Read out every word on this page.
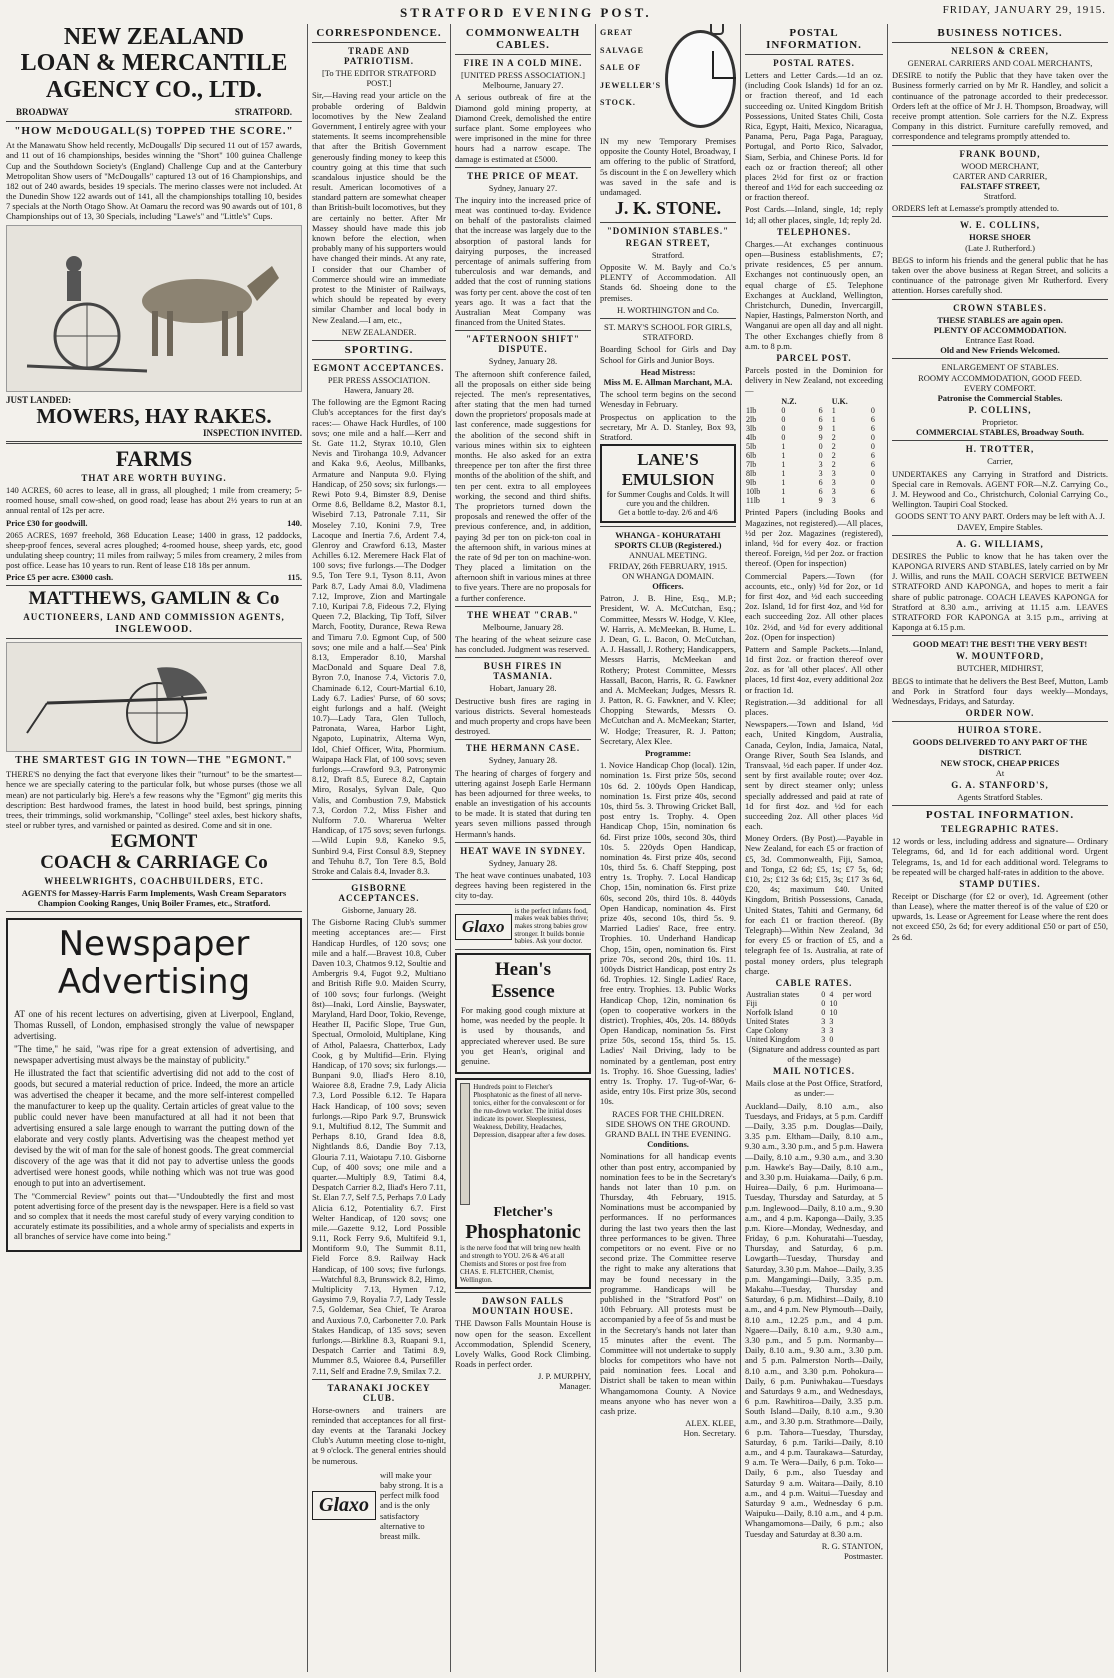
STRATFORD EVENING POST.	FRIDAY, JANUARY 29, 1915.
NEW ZEALAND
LOAN & MERCANTILE
AGENCY CO., LTD.
BROADWAY	STRATFORD.
"HOW McDOUGALL(S) TOPPED THE SCORE."
At the Manawatu Show held recently, McDougalls' Dip secured 11 out of 157 awards, and 11 out of 16 championships, besides winning the "Short" 100 guinea Challenge Cup and the Southdown Society's (England) Challenge Cup and at the Canterbury Metropolitan Show users of "McDougalls" captured 13 out of 16 Championships, and 182 out of 240 awards, besides 19 specials. The merino classes were not included. At the Dunedin Show 122 awards out of 141, all the championships totalling 10, besides 7 specials at the North Otago Show. At Oamaru the record was 90 awards out of 101, 8 Championships out of 13, 30 Specials, including "Lawe's" and "Little's" Cups.
JUST LANDED:
MOWERS, HAY RAKES.
INSPECTION INVITED.
FARMS
THAT ARE WORTH BUYING.
140 ACRES, 60 acres to lease, all in grass, all ploughed; 1 mile from creamery; 5-roomed house, small cow-shed, on good road; lease has about 2½ years to run at an annual rental of 12s per acre.
Price £30 for goodwill.	140.
2065 ACRES, 1697 freehold, 368 Education Lease; 1400 in grass, 12 paddocks, sheep-proof fences, several acres ploughed; 4-roomed house, sheep yards, etc, good undulating sheep country; 11 miles from railway; 5 miles from creamery, 2 miles from post office. Lease has 10 years to run. Rent of lease £18 18s per annum.
Price £5 per acre. £3000 cash.	115.
MATTHEWS, GAMLIN & Co
AUCTIONEERS, LAND AND COMMISSION AGENTS,
INGLEWOOD.
THE SMARTEST GIG IN TOWN—THE "EGMONT."
THERE'S no denying the fact that everyone likes their "turnout" to be the smartest—hence we are specially catering to the particular folk, but whose purses (those we all mean) are not particularly big. Here's a few reasons why the "Egmont" gig merits this description: Best hardwood frames, the latest in hood build, best springs, pinning trees, their trimmings, solid workmanship, "Collinge" steel axles, best hickory shafts, steel or rubber tyres, and varnished or painted as desired. Come and sit in one.
EGMONT
COACH & CARRIAGE Co
WHEELWRIGHTS, COACHBUILDERS, ETC.
AGENTS for Massey-Harris Farm Implements, Wash Cream Separators Champion Cooking Ranges, Uniq Boiler Frames, etc., Stratford.
Newspaper
Advertising
AT one of his recent lectures on advertising, given at Liverpool, England, Thomas Russell, of London, emphasised strongly the value of newspaper advertising.
"The time," he said, "was ripe for a great extension of advertising, and newspaper advertising must always be the mainstay of publicity."
He illustrated the fact that scientific advertising did not add to the cost of goods, but secured a material reduction of price. Indeed, the more an article was advertised the cheaper it became, and the more self-interest compelled the manufacturer to keep up the quality. Certain articles of great value to the public could never have been manufactured at all had it not been that advertising ensured a sale large enough to warrant the putting down of the elaborate and very costly plants. Advertising was the cheapest method yet devised by the wit of man for the sale of honest goods. The great commercial discovery of the age was that it did not pay to advertise unless the goods advertised were honest goods, while nothing which was not true was good enough to put into an advertisement.
The "Commercial Review" points out that—"Undoubtedly the first and most potent advertising force of the present day is the newspaper. Here is a field so vast and so complex that it needs the most careful study of every varying condition to accurately estimate its possibilities, and a whole army of specialists and experts in all branches of service have come into being."
CORRESPONDENCE.
TRADE AND PATRIOTISM.
[To THE EDITOR STRATFORD POST.]
Sir,—Having read your article on the probable ordering of Baldwin locomotives by the New Zealand Government, I entirely agree with your statements. It seems incomprehensible that after the British Government generously finding money to keep this country going at this time that such scandalous injustice should be the result. American locomotives of a standard pattern are somewhat cheaper than British-built locomotives, but they are certainly no better. After Mr Massey should have made this job known before the election, when probably many of his supporters would have changed their minds. At any rate, I consider that our Chamber of Commerce should wire an immediate protest to the Minister of Railways, which should be repeated by every similar Chamber and local body in New Zealand.—I am, etc.,
NEW ZEALANDER.
SPORTING.
EGMONT ACCEPTANCES.
PER PRESS ASSOCIATION.
Hawera, January 28.
The following are the Egmont Racing Club's acceptances for the first day's races:— Ohawe Hack Hurdles, of 100 sovs; one mile and a half.—Kerr and St. Gate 11.2, Styrax 10.10, Glen Nevis and Tirohanga 10.9, Advancer and Kaka 9.6, Aeolus, Millbanks, Armature and Nanputa 9.0. Flying Handicap, of 250 sovs; six furlongs.—Rewi Poto 9.4, Bimster 8.9, Denise Orme 8.6, Belldame 8.2, Mastor 8.1, Wisebird 7.13, Patronale 7.11, Sir Moseley 7.10, Konini 7.9, Tree Lacoque and Inertia 7.6, Ardent 7.4, Glenroy and Crawford 6.13, Master Achilles 6.12. Meremere Hack Flat of 100 sovs; five furlongs.—The Dodger 9.5, Ton Tere 9.1, Tyson 8.11, Avon Park 8.7, Lady Amai 8.0, Vladimena 7.12, Improve, Zion and Martingale 7.10, Kuripai 7.8, Fideous 7.2, Flying Queen 7.2, Blacking, Tip Toff, Silver March, Footity, Durance, Rewa Rewa and Timaru 7.0. Egmont Cup, of 500 sovs; one mile and a half.—Sea' Pink 8.13, Emperador 8.10, Marshal MacDonald and Square Deal 7.8, Byron 7.0, Inanose 7.4, Victoris 7.0, Chaminade 6.12, Court-Martial 6.10, Lady 6.7. Ladies' Purse, of 60 sovs; eight furlongs and a half. (Weight 10.7)—Lady Tara, Glen Tulloch, Patronata, Warea, Harbor Light, Ngapoto, Lupinatrix, Alterna Wyn, Idol, Chief Officer, Wita, Phormium. Waipapa Hack Flat, of 100 sovs; seven furlongs.—Crawford 9.3, Patronymic 8.12, Draft 8.5, Eurece 8.2, Captain Miro, Rosalys, Sylvan Dale, Quo Valis, and Combustion 7.9, Mabstick 7.3, Cordon 7.2, Miss Fisher and Nulform 7.0. Wharerua Welter Handicap, of 175 sovs; seven furlongs.—Wild Lupin 9.8, Kaneko 9.5, Sunbird 9.4, First Consul 8.9, Stepney and Tehuhu 8.7, Ton Tere 8.5, Bold Stroke and Calais 8.4, Invader 8.3.
GISBORNE ACCEPTANCES.
Gisborne, January 28.
The Gisborne Racing Club's summer meeting acceptances are:— First Handicap Hurdles, of 120 sovs; one mile and a half.—Bravest 10.8, Cuber Daven 10.3, Chatmos 9.12, Soultie and Ambergris 9.4, Fugot 9.2, Multiano and British Rifle 9.0. Maiden Scurry, of 100 sovs; four furlongs. (Weight 8st)—Inaki, Lord Ainslie, Bayswater, Maryland, Hard Door, Tokio, Revenge, Heather II, Pacific Slope, True Gun, Spectual, Ormoloid, Multiplane, King of Athol, Palaesra, Chatterbox, Lady Cook, g by Multifid—Erin. Flying Handicap, of 170 sovs; six furlongs.—Bunpani 9.0, Iliad's Hero 8.10, Waioree 8.8, Eradne 7.9, Lady Alicia 7.3, Lord Possible 6.12. Te Hapara Hack Handicap, of 100 sovs; seven furlongs.—Ripo Park 9.7, Brunswick 9.1, Multifiud 8.12, The Summit and Perhaps 8.10, Grand Idea 8.8, Nightlands 8.6, Dandie Boy 7.13, Glouria 7.11, Waiotapu 7.10. Gisborne Cup, of 400 sovs; one mile and a quarter.—Multiply 8.9, Tatimi 8.4, Despatch Carrier 8.2, Iliad's Hero 7.11, St. Elan 7.7, Self 7.5, Perhaps 7.0 Lady Alicia 6.12, Potentiality 6.7. First Welter Handicap, of 120 sovs; one mile.—Gazette 9.12, Lord Possible 9.11, Rock Ferry 9.6, Multifeid 9.1, Montiform 9.0, The Summit 8.11, Field Force 8.9. Railway Hack Handicap, of 100 sovs; five furlongs.—Watchful 8.3, Brunswick 8.2, Himo, Multiplicity 7.13, Hymen 7.12, Gaysimo 7.9, Royalia 7.7, Lady Tessle 7.5, Goldemar, Sea Chief, Te Araroa and Auxious 7.0, Carbonetter 7.0. Park Stakes Handicap, of 135 sovs; seven furlongs.—Birkline 8.3, Ruapani 9.1, Despatch Carrier and Tatimi 8.9, Mummer 8.5, Waioree 8.4, Pursefiller 7.11, Self and Eradne 7.9, Smilax 7.2.
TARANAKI JOCKEY CLUB.
Horse-owners and trainers are reminded that acceptances for all first-day events at the Taranaki Jockey Club's Autumn meeting close to-night, at 9 o'clock. The general entries should be numerous.
Glaxo
will make your baby strong. It is a perfect milk food and is the only satisfactory alternative to breast milk.
COMMONWEALTH CABLES.
FIRE IN A COLD MINE.
[UNITED PRESS ASSOCIATION.]
Melbourne, January 27.
A serious outbreak of fire at the Diamond gold mining property, at Diamond Creek, demolished the entire surface plant. Some employees who were imprisoned in the mine for three hours had a narrow escape. The damage is estimated at £5000.
THE PRICE OF MEAT.
Sydney, January 27.
The inquiry into the increased price of meat was continued to-day. Evidence on behalf of the pastoralists claimed that the increase was largely due to the absorption of pastoral lands for dairying purposes, the increased percentage of animals suffering from tuberculosis and war demands, and added that the cost of running stations was forty per cent. above the cost of ten years ago. It was a fact that the Australian Meat Company was financed from the United States.
"AFTERNOON SHIFT" DISPUTE.
Sydney, January 28.
The afternoon shift conference failed, all the proposals on either side being rejected. The men's representatives, after stating that the men had turned down the proprietors' proposals made at last conference, made suggestions for the abolition of the second shift in various mines within six to eighteen months. He also asked for an extra threepence per ton after the first three months of the abolition of the shift, and ten per cent. extra to all employees working, the second and third shifts. The proprietors turned down the proposals and renewed the offer of the previous conference, and, in addition, paying 3d per ton on pick-ton coal in the afternoon shift, in various mines at the rate of 9d per ton on machine-won. They placed a limitation on the afternoon shift in various mines at three to five years. There are no proposals for a further conference.
THE WHEAT "CRAB."
Melbourne, January 28.
The hearing of the wheat seizure case has concluded. Judgment was reserved.
BUSH FIRES IN TASMANIA.
Hobart, January 28.
Destructive bush fires are raging in various districts. Several homesteads and much property and crops have been destroyed.
THE HERMANN CASE.
Sydney, January 28.
The hearing of charges of forgery and uttering against Joseph Earle Hermann has been adjourned for three weeks, to enable an investigation of his accounts to be made. It is stated that during ten years seven millions passed through Hermann's hands.
HEAT WAVE IN SYDNEY.
Sydney, January 28.
The heat wave continues unabated, 103 degrees having been registered in the city to-day.
Glaxo
is the perfect infants food, makes weak babies thrive; makes strong babies grow stronger. It builds bonnie babies. Ask your doctor.
Hean's Essence
For making good cough mixture at home, was needed by the people. It is used by thousands, and appreciated wherever used. Be sure you get Hean's, original and genuine.
Hundreds point to Fletcher's Phosphatonic as the finest of all nerve-tonics, either for the convalescent or for the run-down worker. The initial doses indicate its power. Sleeplessness, Weakness, Debility, Headaches, Depression, disappear after a few doses.
Fletcher's
Phosphatonic
is the nerve food that will bring new health and strength to YOU. 2/6 & 4/6 at all Chemists and Stores or post free from CHAS. E. FLETCHER, Chemist, Wellington.
DAWSON FALLS MOUNTAIN HOUSE.
THE Dawson Falls Mountain House is now open for the season. Excellent Accommodation, Splendid Scenery, Lovely Walks, Good Rock Climbing. Roads in perfect order.
J. P. MURPHY,
Manager.
GREAT
SALVAGE
SALE OF
JEWELLER'S
STOCK.
IN my new Temporary Premises opposite the County Hotel, Broadway, I am offering to the public of Stratford, 5s discount in the £ on Jewellery which was saved in the safe and is undamaged.
J. K. STONE.
"DOMINION STABLES."
REGAN STREET,
Stratford.
Opposite W. M. Bayly and Co.'s PLENTY of Accommodation. All Stands 6d. Shoeing done to the premises.
H. WORTHINGTON and Co.
ST. MARY'S SCHOOL FOR GIRLS, STRATFORD.
Boarding School for Girls and Day School for Girls and Junior Boys.
Head Mistress:
Miss M. E. Allman Marchant, M.A.
The school term begins on the second Wenesday in February.
Prospectus on application to the secretary, Mr A. D. Stanley, Box 93, Stratford.
LANE'S EMULSION
for Summer Coughs and Colds. It will cure you and the children.
Get a bottle to-day. 2/6 and 4/6
WHANGA - KOHURATAHI SPORTS CLUB (Registered.)
ANNUAL MEETING.
FRIDAY, 26th FEBRUARY, 1915.
ON WHANGA DOMAIN.
Officers.
Patron, J. B. Hine, Esq., M.P.; President, W. A. McCutchan, Esq.; Committee, Messrs W. Hodge, V. Klee, W. Harris, A. McMeekan, B. Hume, L. J. Dean, G. L. Bacon, O. McCutchan, A. J. Hassall, J. Rothery; Handicappers, Messrs Harris, McMeekan and Rothery; Protest Committee, Messrs Hassall, Bacon, Harris, R. G. Fawkner and A. McMeekan; Judges, Messrs R. J. Patton, R. G. Fawkner, and V. Klee; Chopping Stewards, Messrs O. McCutchan and A. McMeekan; Starter, W. Hodge; Treasurer, R. J. Patton; Secretary, Alex Klee.
Programme:
1. Novice Handicap Chop (local). 12in, nomination 1s. First prize 50s, second 10s 6d. 2. 100yds Open Handicap, nomination 1s. First prize 40s, second 10s, third 5s. 3. Throwing Cricket Ball, post entry 1s. Trophy. 4. Open Handicap Chop, 15in, nomination 6s 6d. First prize 100s, second 30s, third 10s. 5. 220yds Open Handicap, nomination 4s. First prize 40s, second 10s, third 5s. 6. Chaff Stepping, post entry 1s. Trophy. 7. Local Handicap Chop, 15in, nomination 6s. First prize 60s, second 20s, third 10s. 8. 440yds Open Handicap, nomination 4s. First prize 40s, second 10s, third 5s. 9. Married Ladies' Race, free entry. Trophies. 10. Underhand Handicap Chop, 15in, open, nomination 6s. First prize 70s, second 20s, third 10s. 11. 100yds District Handicap, post entry 2s 6d. Trophies. 12. Single Ladies' Race, free entry. Trophies. 13. Public Works Handicap Chop, 12in, nomination 6s (open to cooperative workers in the district). Trophies, 40s, 20s. 14. 880yds Open Handicap, nomination 5s. First prize 50s, second 15s, third 5s. 15. Ladies' Nail Driving, lady to be nominated by a gentleman, post entry 1s. Trophy. 16. Shoe Guessing, ladies' entry 1s. Trophy. 17. Tug-of-War, 6-aside, entry 10s. First prize 30s, second 10s.
RACES FOR THE CHILDREN.
SIDE SHOWS ON THE GROUND.
GRAND BALL IN THE EVENING.
Conditions.
Nominations for all handicap events other than post entry, accompanied by nomination fees to be in the Secretary's hands not later than 10 p.m. on Thursday, 4th February, 1915. Nominations must be accompanied by performances. If no performances during the last two years then the last three performances to be given. Three competitors or no event. Five or no second prize. The Committee reserve the right to make any alterations that may be found necessary in the programme. Handicaps will be published in the "Stratford Post" on 10th February. All protests must be accompanied by a fee of 5s and must be in the Secretary's hands not later than 15 minutes after the event. The Committee will not undertake to supply blocks for competitors who have not paid nomination fees. Local and District shall be taken to mean within Whangamomona County. A Novice means anyone who has never won a cash prize.
ALEX. KLEE,
Hon. Secretary.
POSTAL INFORMATION.
POSTAL RATES.
Letters and Letter Cards.—1d an oz. (including Cook Islands) 1d for an oz. or fraction thereof, and 1d each succeeding oz. United Kingdom British Possessions, United States Chili, Costa Rica, Egypt, Haiti, Mexico, Nicaragua, Panama, Peru, Paga Paga, Paraguay, Portugal, and Porto Rico, Salvador, Siam, Serbia, and Chinese Ports. Id for each oz or fraction thereof; all other places 2½d for first oz or fraction thereof and 1½d for each succeeding oz or fraction thereof.
Post Cards.—Inland, single, 1d; reply 1d; all other places, single, 1d; reply 2d.
TELEPHONES.
Charges.—At exchanges continuous open—Business establishments, £7; private residences, £5 per annum. Exchanges not continuously open, an equal charge of £5. Telephone Exchanges at Auckland, Wellington, Christchurch, Dunedin, Invercargill, Napier, Hastings, Palmerston North, and Wanganui are open all day and all night. The other Exchanges chiefly from 8 a.m. to 8 p.m.
PARCEL POST.
Parcels posted in the Dominion for delivery in New Zealand, not exceeding—
	N.Z.		U.K.	
1lb	0	6	1	0
2lb	0	6	1	6
3lb	0	9	1	6
4lb	0	9	2	0
5lb	1	0	2	0
6lb	1	0	2	6
7lb	1	3	2	6
8lb	1	3	3	0
9lb	1	6	3	0
10lb	1	6	3	6
11lb	1	9	3	6
Printed Papers (including Books and Magazines, not registered).—All places, ½d per 2oz. Magazines (registered), inland, ½d for every 4oz. or fraction thereof. Foreign, ½d per 2oz. or fraction thereof. (Open for inspection)
Commercial Papers.—Town (for accounts, etc., only) ½d for 2oz, or 1d for first 4oz, and ½d each succeeding 2oz. Island, 1d for first 4oz, and ½d for each succeeding 2oz. All other places 10z. 2½d, and ½d for every additional 2oz. (Open for inspection)
Pattern and Sample Packets.—Inland, 1d first 2oz. or fraction thereof over 2oz. as for 'all other places'. All other places, 1d first 4oz, every additional 2oz or fraction 1d.
Registration.—3d additional for all places.
Newspapers.—Town and Island, ½d each, United Kingdom, Australia, Canada, Ceylon, India, Jamaica, Natal, Orange River, South Sea Islands, and Transvaal, ½d each paper. If under 4oz. sent by first available route; over 4oz. sent by direct steamer only; unless specially addressed and paid at rate of 1d for first 4oz. and ½d for each succeeding 2oz. All other places ½d each.
Money Orders. (By Post).—Payable in New Zealand, for each £5 or fraction of £5, 3d. Commonwealth, Fiji, Samoa, and Tonga, £2 6d; £5, 1s; £7 5s, 6d; £10, 2s; £12 3s 6d; £15, 3s; £17 3s 6d, £20, 4s; maximum £40. United Kingdom, British Possessions, Canada, United States, Tahiti and Germany, 6d for each £1 or fraction thereof. (By Telegraph)—Within New Zealand, 3d for every £5 or fraction of £5, and a telegraph fee of 1s. Australia, at rate of postal money orders, plus telegraph charge.
CABLE RATES.
Australian states	0	4	per word
Fiji	0	10	
Norfolk Island	0	10	
United States	3	3	
Cape Colony	3	3	
United Kingdom	3	0	
(Signature and address counted as part of the message)
MAIL NOTICES.
Mails close at the Post Office, Stratford, as under:—
Auckland—Daily, 8.10 a.m., also Tuesdays, and Fridays, at 5 p.m. Cardiff—Daily, 3.35 p.m. Douglas—Daily, 3.35 p.m. Eltham—Daily, 8.10 a.m., 9.30 a.m., 3.30 p.m., and 5 p.m. Hawera—Daily, 8.10 a.m., 9.30 a.m., and 3.30 p.m. Hawke's Bay—Daily, 8.10 a.m., and 3.30 p.m. Huiakama—Daily, 6 p.m. Huirea—Daily, 6 p.m. Hurimoana—Tuesday, Thursday and Saturday, at 5 p.m. Inglewood—Daily, 8.10 a.m., 9.30 a.m., and 4 p.m. Kaponga—Daily, 3.35 p.m. Kiore—Monday, Wednesday, and Friday, 6 p.m. Kohuratahi—Tuesday, Thursday, and Saturday, 6 p.m. Lowgarth—Tuesday, Thursday and Saturday, 3.30 p.m. Mahoe—Daily, 3.35 p.m. Mangamingi—Daily, 3.35 p.m. Makahu—Tuesday, Thursday and Saturday, 6 p.m. Midhirst—Daily, 8.10 a.m., and 4 p.m. New Plymouth—Daily, 8.10 a.m., 12.25 p.m., and 4 p.m. Ngaere—Daily, 8.10 a.m., 9.30 a.m., 3.30 p.m., and 5 p.m. Normanby—Daily, 8.10 a.m., 9.30 a.m., 3.30 p.m. and 5 p.m. Palmerston North—Daily, 8.10 a.m., and 3.30 p.m. Pohokura—Daily, 6 p.m. Puniwhakau—Tuesdays and Saturdays 9 a.m., and Wednesdays, 6 p.m. Rawhitiroa—Daily, 3.35 p.m. South Island—Daily, 8.10 a.m., 9.30 a.m., and 3.30 p.m. Strathmore—Daily, 6 p.m. Tahora—Tuesday, Thursday, Saturday, 6 p.m. Tariki—Daily, 8.10 a.m., and 4 p.m. Taurakawa—Saturday, 9 a.m. Te Wera—Daily, 6 p.m. Toko—Daily, 6 p.m., also Tuesday and Saturday 9 a.m. Waitara—Daily, 8.10 a.m., and 4 p.m. Waitui—Tuesday and Saturday 9 a.m., Wednesday 6 p.m. Waipuku—Daily, 8.10 a.m., and 4 p.m. Whangamomona—Daily, 6 p.m.; also Tuesday and Saturday at 8.30 a.m.
R. G. STANTON,
Postmaster.
BUSINESS NOTICES.
NELSON & CREEN,
GENERAL CARRIERS AND COAL MERCHANTS,
DESIRE to notify the Public that they have taken over the Business formerly carried on by Mr R. Handley, and solicit a continuance of the patronage accorded to their predecessor. Orders left at the office of Mr J. H. Thompson, Broadway, will receive prompt attention. Sole carriers for the N.Z. Express Company in this district. Furniture carefully removed, and correspondence and telegrams promptly attended to.
FRANK BOUND,
WOOD MERCHANT,
CARTER AND CARRIER,
FALSTAFF STREET,
Stratford.
ORDERS left at Lemasse's promptly attended to.
W. E. COLLINS,
HORSE SHOER
(Late J. Rutherford.)
BEGS to inform his friends and the general public that he has taken over the above business at Regan Street, and solicits a continuance of the patronage given Mr Rutherford. Every attention. Horses carefully shod.
CROWN STABLES.
THESE STABLES are again open.
PLENTY OF ACCOMMODATION.
Entrance East Road.
Old and New Friends Welcomed.
ENLARGEMENT OF STABLES.
ROOMY ACCOMMODATION, GOOD FEED.
EVERY COMFORT.
Patronise the Commercial Stables.
P. COLLINS,
Proprietor.
COMMERCIAL STABLES, Broadway South.
H. TROTTER,
Carrier,
UNDERTAKES any Carrying in Stratford and Districts. Special care in Removals. AGENT FOR—N.Z. Carrying Co., J. M. Heywood and Co., Christchurch, Colonial Carrying Co., Wellington. Taupiri Coal Stocked.
GOODS SENT TO ANY PART. Orders may be left with A. J. DAVEY, Empire Stables.
A. G. WILLIAMS,
DESIRES the Public to know that he has taken over the KAPONGA RIVERS AND STABLES, lately carried on by Mr J. Willis, and runs the MAIL COACH SERVICE BETWEEN STRATFORD AND KAPONGA, and hopes to merit a fair share of public patronage. COACH LEAVES KAPONGA for Stratford at 8.30 a.m., arriving at 11.15 a.m. LEAVES STRATFORD FOR KAPONGA at 3.15 p.m., arriving at Kaponga at 6.15 p.m.
GOOD MEAT! THE BEST! THE VERY BEST!
W. MOUNTFORD,
BUTCHER, MIDHIRST,
BEGS to intimate that he delivers the Best Beef, Mutton, Lamb and Pork in Stratford four days weekly—Mondays, Wednesdays, Fridays, and Saturday.
ORDER NOW.
HUIROA STORE.
GOODS DELIVERED TO ANY PART OF THE DISTRICT.
NEW STOCK, CHEAP PRICES
At
G. A. STANFORD'S,
Agents Stratford Stables.
POSTAL INFORMATION.
TELEGRAPHIC RATES.
12 words or less, including address and signature— Ordinary Telegrams, 6d, and 1d for each additional word. Urgent Telegrams, 1s, and 1d for each additional word. Telegrams to be repeated will be charged half-rates in addition to the above.
STAMP DUTIES.
Receipt or Discharge (for £2 or over), 1d. Agreement (other than Lease), where the matter thereof is of the value of £20 or upwards, 1s. Lease or Agreement for Lease where the rent does not exceed £50, 2s 6d; for every additional £50 or part of £50, 2s 6d.
